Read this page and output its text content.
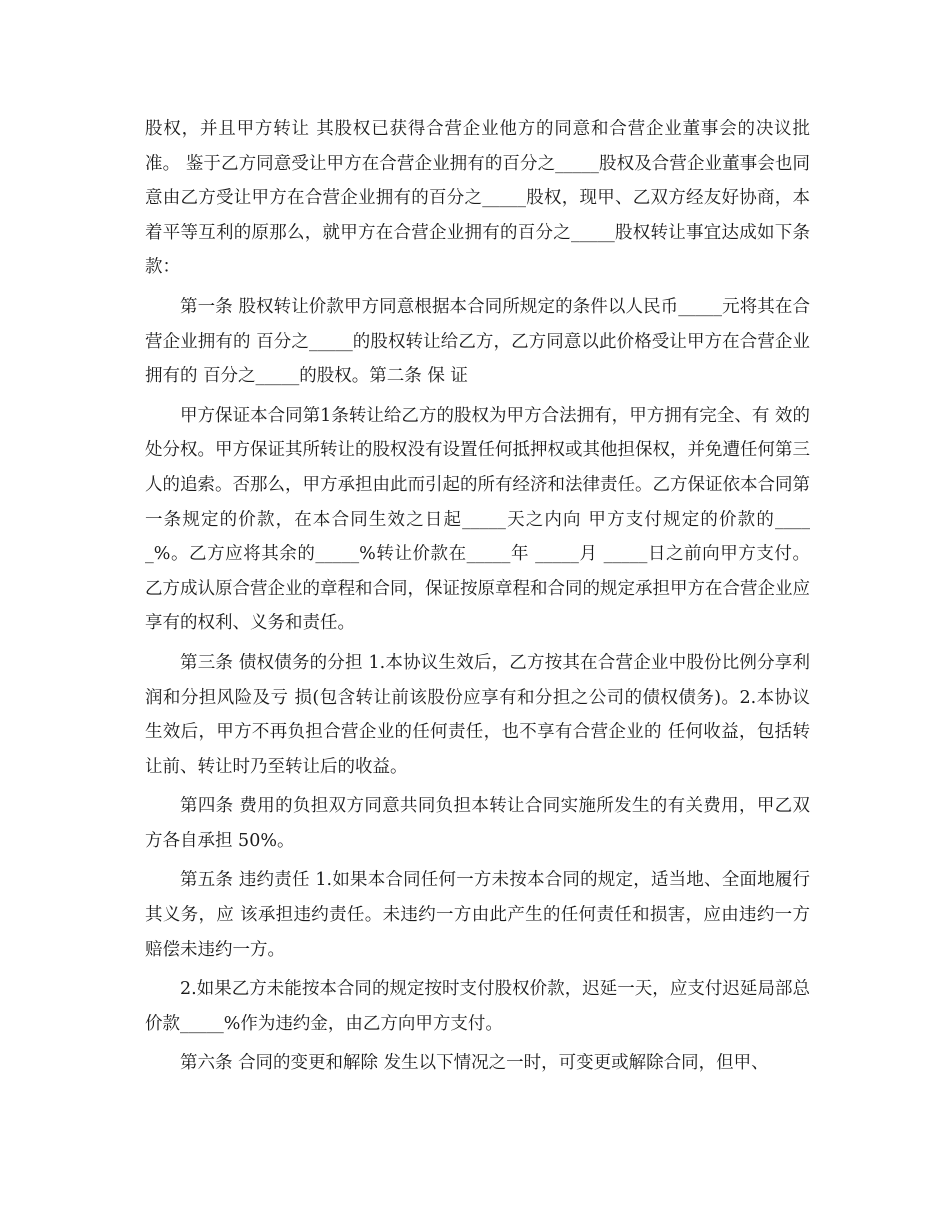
股权，并且甲方转让 其股权已获得合营企业他方的同意和合营企业董事会的决议批准。 鉴于乙方同意受让甲方在合营企业拥有的百分之_____股权及合营企业董事会也同意由乙方受让甲方在合营企业拥有的百分之_____股权，现甲、乙双方经友好协商，本着平等互利的原那么，就甲方在合营企业拥有的百分之_____股权转让事宜达成如下条款：

第一条 股权转让价款甲方同意根据本合同所规定的条件以人民币_____元将其在合营企业拥有的 百分之_____的股权转让给乙方，乙方同意以此价格受让甲方在合营企业拥有的 百分之_____的股权。第二条 保 证

甲方保证本合同第1条转让给乙方的股权为甲方合法拥有，甲方拥有完全、有 效的处分权。甲方保证其所转让的股权没有设置任何抵押权或其他担保权，并免遭任何第三人的追索。否那么，甲方承担由此而引起的所有经济和法律责任。乙方保证依本合同第一条规定的价款，在本合同生效之日起_____天之内向 甲方支付规定的价款的_____%。乙方应将其余的_____%转让价款在_____年 _____月 _____日之前向甲方支付。 乙方成认原合营企业的章程和合同，保证按原章程和合同的规定承担甲方在合营企业应享有的权利、义务和责任。

第三条 债权债务的分担 1.本协议生效后，乙方按其在合营企业中股份比例分享利润和分担风险及亏 损(包含转让前该股份应享有和分担之公司的债权债务)。2.本协议生效后，甲方不再负担合营企业的任何责任，也不享有合营企业的 任何收益，包括转让前、转让时乃至转让后的收益。

第四条 费用的负担双方同意共同负担本转让合同实施所发生的有关费用，甲乙双方各自承担 50%。

第五条 违约责任 1.如果本合同任何一方未按本合同的规定，适当地、全面地履行其义务，应 该承担违约责任。未违约一方由此产生的任何责任和损害，应由违约一方赔偿未违约一方。

2.如果乙方未能按本合同的规定按时支付股权价款，迟延一天，应支付迟延局部总价款_____%作为违约金，由乙方向甲方支付。

第六条 合同的变更和解除 发生以下情况之一时，可变更或解除合同，但甲、
